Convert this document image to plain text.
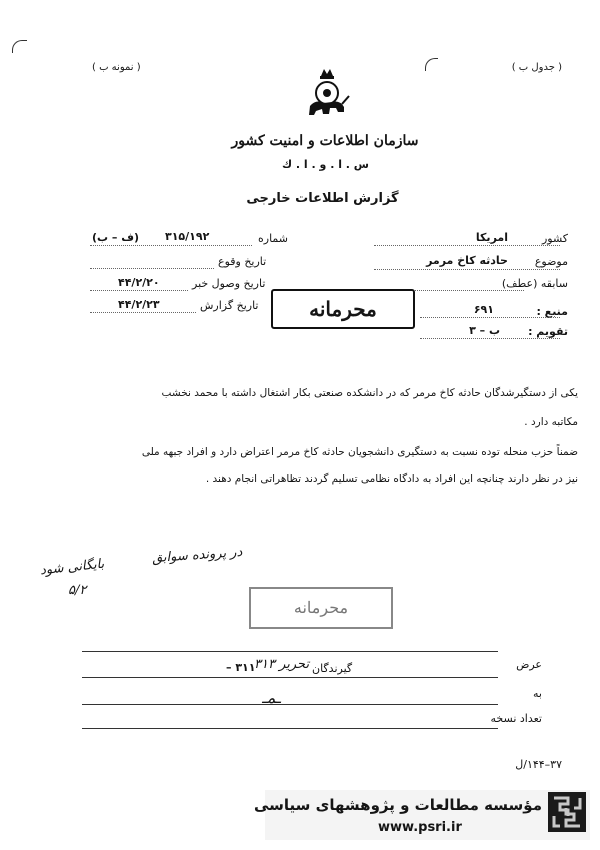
( جدول ب )
( نمونه ب )
سازمان اطلاعات و امنیت کشور
س . ا . و . ا . ك
گزارش اطلاعات خارجی
کشور
امریکا
موضوع
حادثه کاخ مرمر
سابقه (عطف)
منبع :
۶۹۱
تقویم :
ب – ۳
شماره
۳۱۵/۱۹۲
(ف – ب)
تاریخ وقوع
تاریخ وصول خبر
۴۴/۲/۲۰
تاریخ گزارش
۴۴/۲/۲۳	محرمانه
یکی از دستگیرشدگان حادثه کاخ مرمر که در دانشکده صنعتی بکار اشتغال داشته با محمد نخشب
مکاتبه دارد .
ضمناً حزب منحله توده نسبت به دستگیری دانشجویان حادثه کاخ مرمر اعتراض دارد و افراد جبهه ملی
نیز در نظر دارند چنانچه این افراد به دادگاه نظامی تسلیم گردند تظاهراتی انجام دهند .
در پرونده سوابق
بایگانی شود
۵/۲
محرمانه
عرض
گیرندگان
تحریر ۳۱۳
۳۱۱ –
به
ـمـ
تعداد نسخه
۳۷–۱۴۴/ل
مؤسسه مطالعات و پژوهشهای سیاسی
www.psri.ir
